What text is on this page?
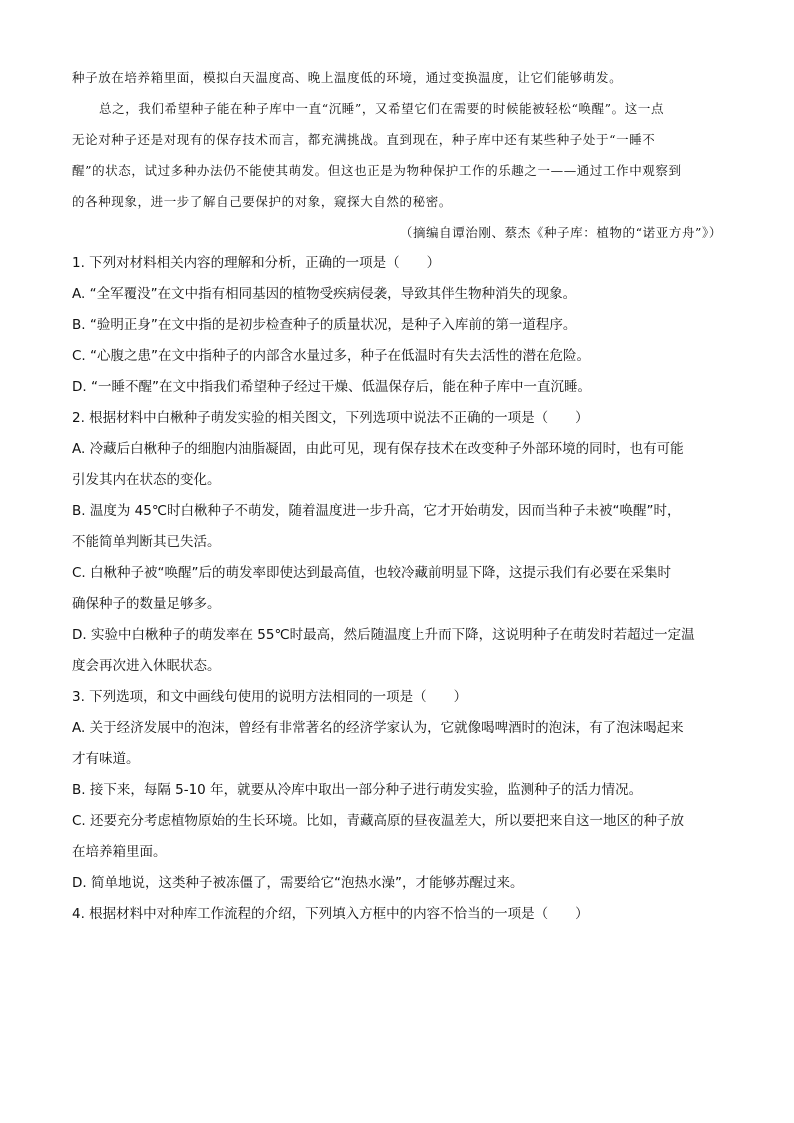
种子放在培养箱里面，模拟白天温度高、晚上温度低的环境，通过变换温度，让它们能够萌发。
总之，我们希望种子能在种子库中一直“沉睡”，又希望它们在需要的时候能被轻松“唤醒”。这一点
无论对种子还是对现有的保存技术而言，都充满挑战。直到现在，种子库中还有某些种子处于“一睡不
醒”的状态，试过多种办法仍不能使其萌发。但这也正是为物种保护工作的乐趣之一——通过工作中观察到
的各种现象，进一步了解自己要保护的对象，窥探大自然的秘密。
（摘编自谭治刚、蔡杰《种子库：植物的“诺亚方舟”》）
1. 下列对材料相关内容的理解和分析，正确的一项是（　　）
A. “全军覆没”在文中指有相同基因的植物受疾病侵袭，导致其伴生物种消失的现象。
B. “验明正身”在文中指的是初步检查种子的质量状况，是种子入库前的第一道程序。
C. “心腹之患”在文中指种子的内部含水量过多，种子在低温时有失去活性的潜在危险。
D. “一睡不醒”在文中指我们希望种子经过干燥、低温保存后，能在种子库中一直沉睡。
2. 根据材料中白楸种子萌发实验的相关图文，下列选项中说法不正确的一项是（　　）
A. 冷藏后白楸种子的细胞内油脂凝固，由此可见，现有保存技术在改变种子外部环境的同时，也有可能
引发其内在状态的变化。
B. 温度为 45℃时白楸种子不萌发，随着温度进一步升高，它才开始萌发，因而当种子未被“唤醒”时，
不能简单判断其已失活。
C. 白楸种子被“唤醒”后的萌发率即使达到最高值，也较冷藏前明显下降，这提示我们有必要在采集时
确保种子的数量足够多。
D. 实验中白楸种子的萌发率在 55℃时最高，然后随温度上升而下降，这说明种子在萌发时若超过一定温
度会再次进入休眠状态。
3. 下列选项，和文中画线句使用的说明方法相同的一项是（　　）
A. 关于经济发展中的泡沫，曾经有非常著名的经济学家认为，它就像喝啤酒时的泡沫，有了泡沫喝起来
才有味道。
B. 接下来，每隔 5-10 年，就要从冷库中取出一部分种子进行萌发实验，监测种子的活力情况。
C. 还要充分考虑植物原始的生长环境。比如，青藏高原的昼夜温差大，所以要把来自这一地区的种子放
在培养箱里面。
D. 简单地说，这类种子被冻僵了，需要给它“泡热水澡”，才能够苏醒过来。
4. 根据材料中对种库工作流程的介绍，下列填入方框中的内容不恰当的一项是（　　）
